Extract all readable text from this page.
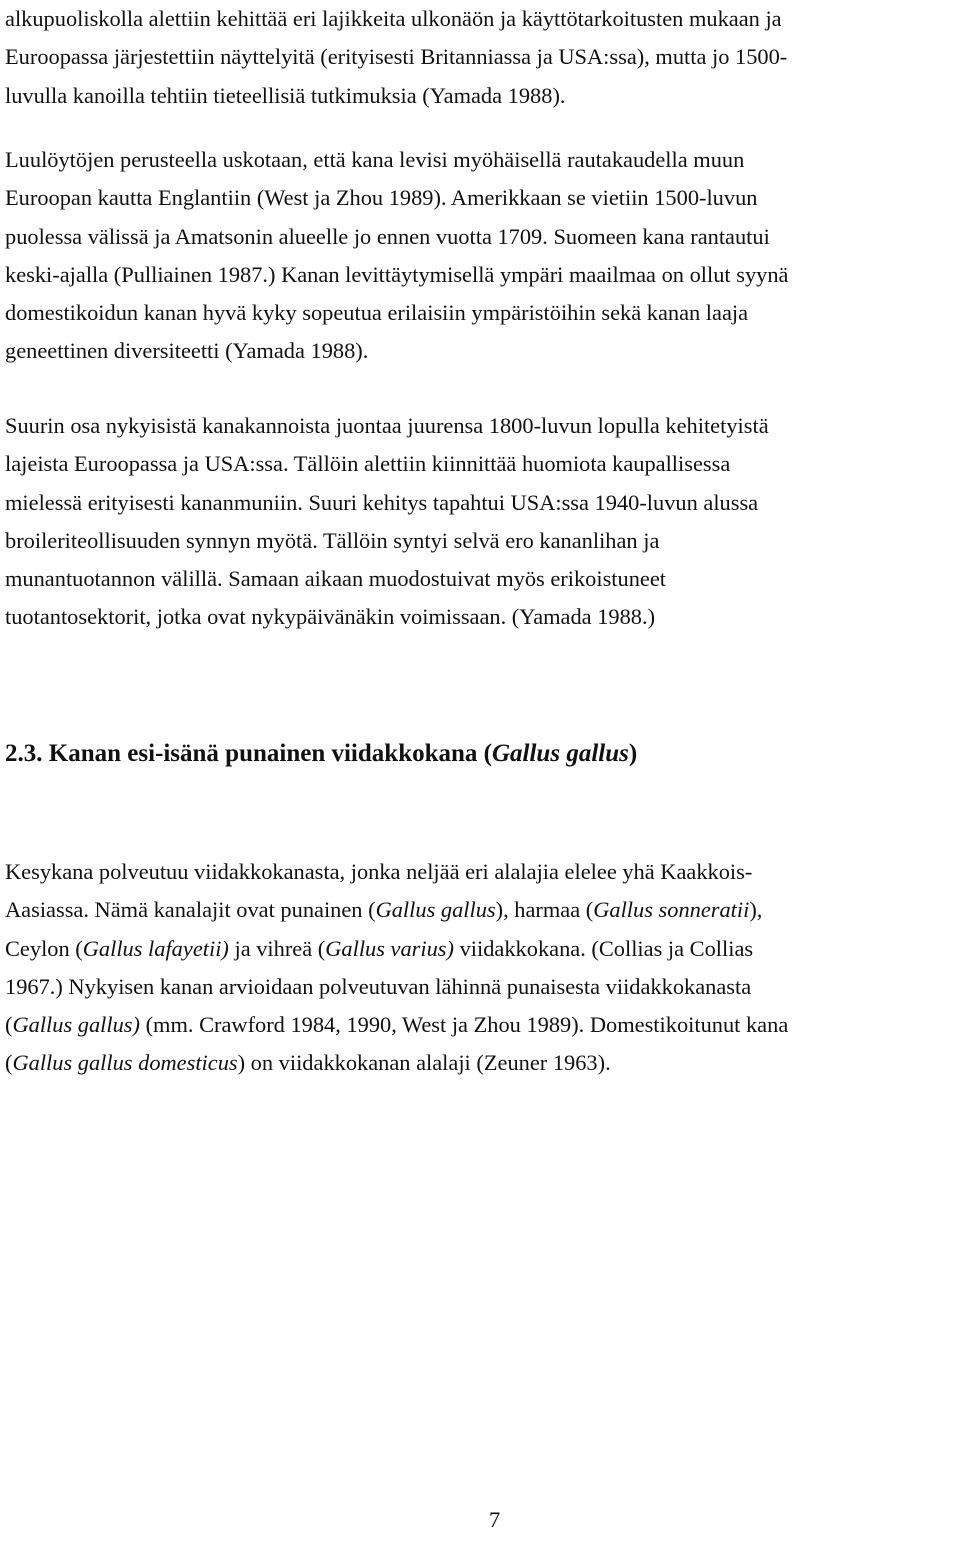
alkupuoliskolla alettiin kehittää eri lajikkeita ulkonäön ja käyttötarkoitusten mukaan ja
Euroopassa järjestettiin näyttelyitä (erityisesti Britanniassa ja USA:ssa), mutta jo 1500-
luvulla kanoilla tehtiin tieteellisiä tutkimuksia (Yamada 1988).

Luulöytöjen perusteella uskotaan, että kana levisi myöhäisellä rautakaudella muun
Euroopan kautta Englantiin (West ja Zhou 1989). Amerikkaan se vietiin 1500-luvun
puolessa välissä ja Amatsonin alueelle jo ennen vuotta 1709. Suomeen kana rantautui
keski-ajalla (Pulliainen 1987.) Kanan levittäytymisellä ympäri maailmaa on ollut syynä
domestikoidun kanan hyvä kyky sopeutua erilaisiin ympäristöihin sekä kanan laaja
geneettinen diversiteetti (Yamada 1988).

Suurin osa nykyisistä kanakannoista juontaa juurensa 1800-luvun lopulla kehitetyistä
lajeista Euroopassa ja USA:ssa. Tällöin alettiin kiinnittää huomiota kaupallisessa
mielessä erityisesti kananmuniin. Suuri kehitys tapahtui USA:ssa 1940-luvun alussa
broileriteollisuuden synnyn myötä. Tällöin syntyi selvä ero kananlihan ja
munantuotannon välillä. Samaan aikaan muodostuivat myös erikoistuneet
tuotantosektorit, jotka ovat nykypäivänäkin voimissaan. (Yamada 1988.)

2.3. Kanan esi-isänä punainen viidakkokana (Gallus gallus)

Kesykana polveutuu viidakkokanasta, jonka neljää eri alalajia elelee yhä Kaakkois-
Aasiassa. Nämä kanalajit ovat punainen (Gallus gallus), harmaa (Gallus sonneratii),
Ceylon (Gallus lafayetii) ja vihreä (Gallus varius) viidakkokana. (Collias ja Collias
1967.) Nykyisen kanan arvioidaan polveutuvan lähinnä punaisesta viidakkokanasta
(Gallus gallus) (mm. Crawford 1984, 1990, West ja Zhou 1989). Domestikoitunut kana
(Gallus gallus domesticus) on viidakkokanan alalaji (Zeuner 1963).

7
